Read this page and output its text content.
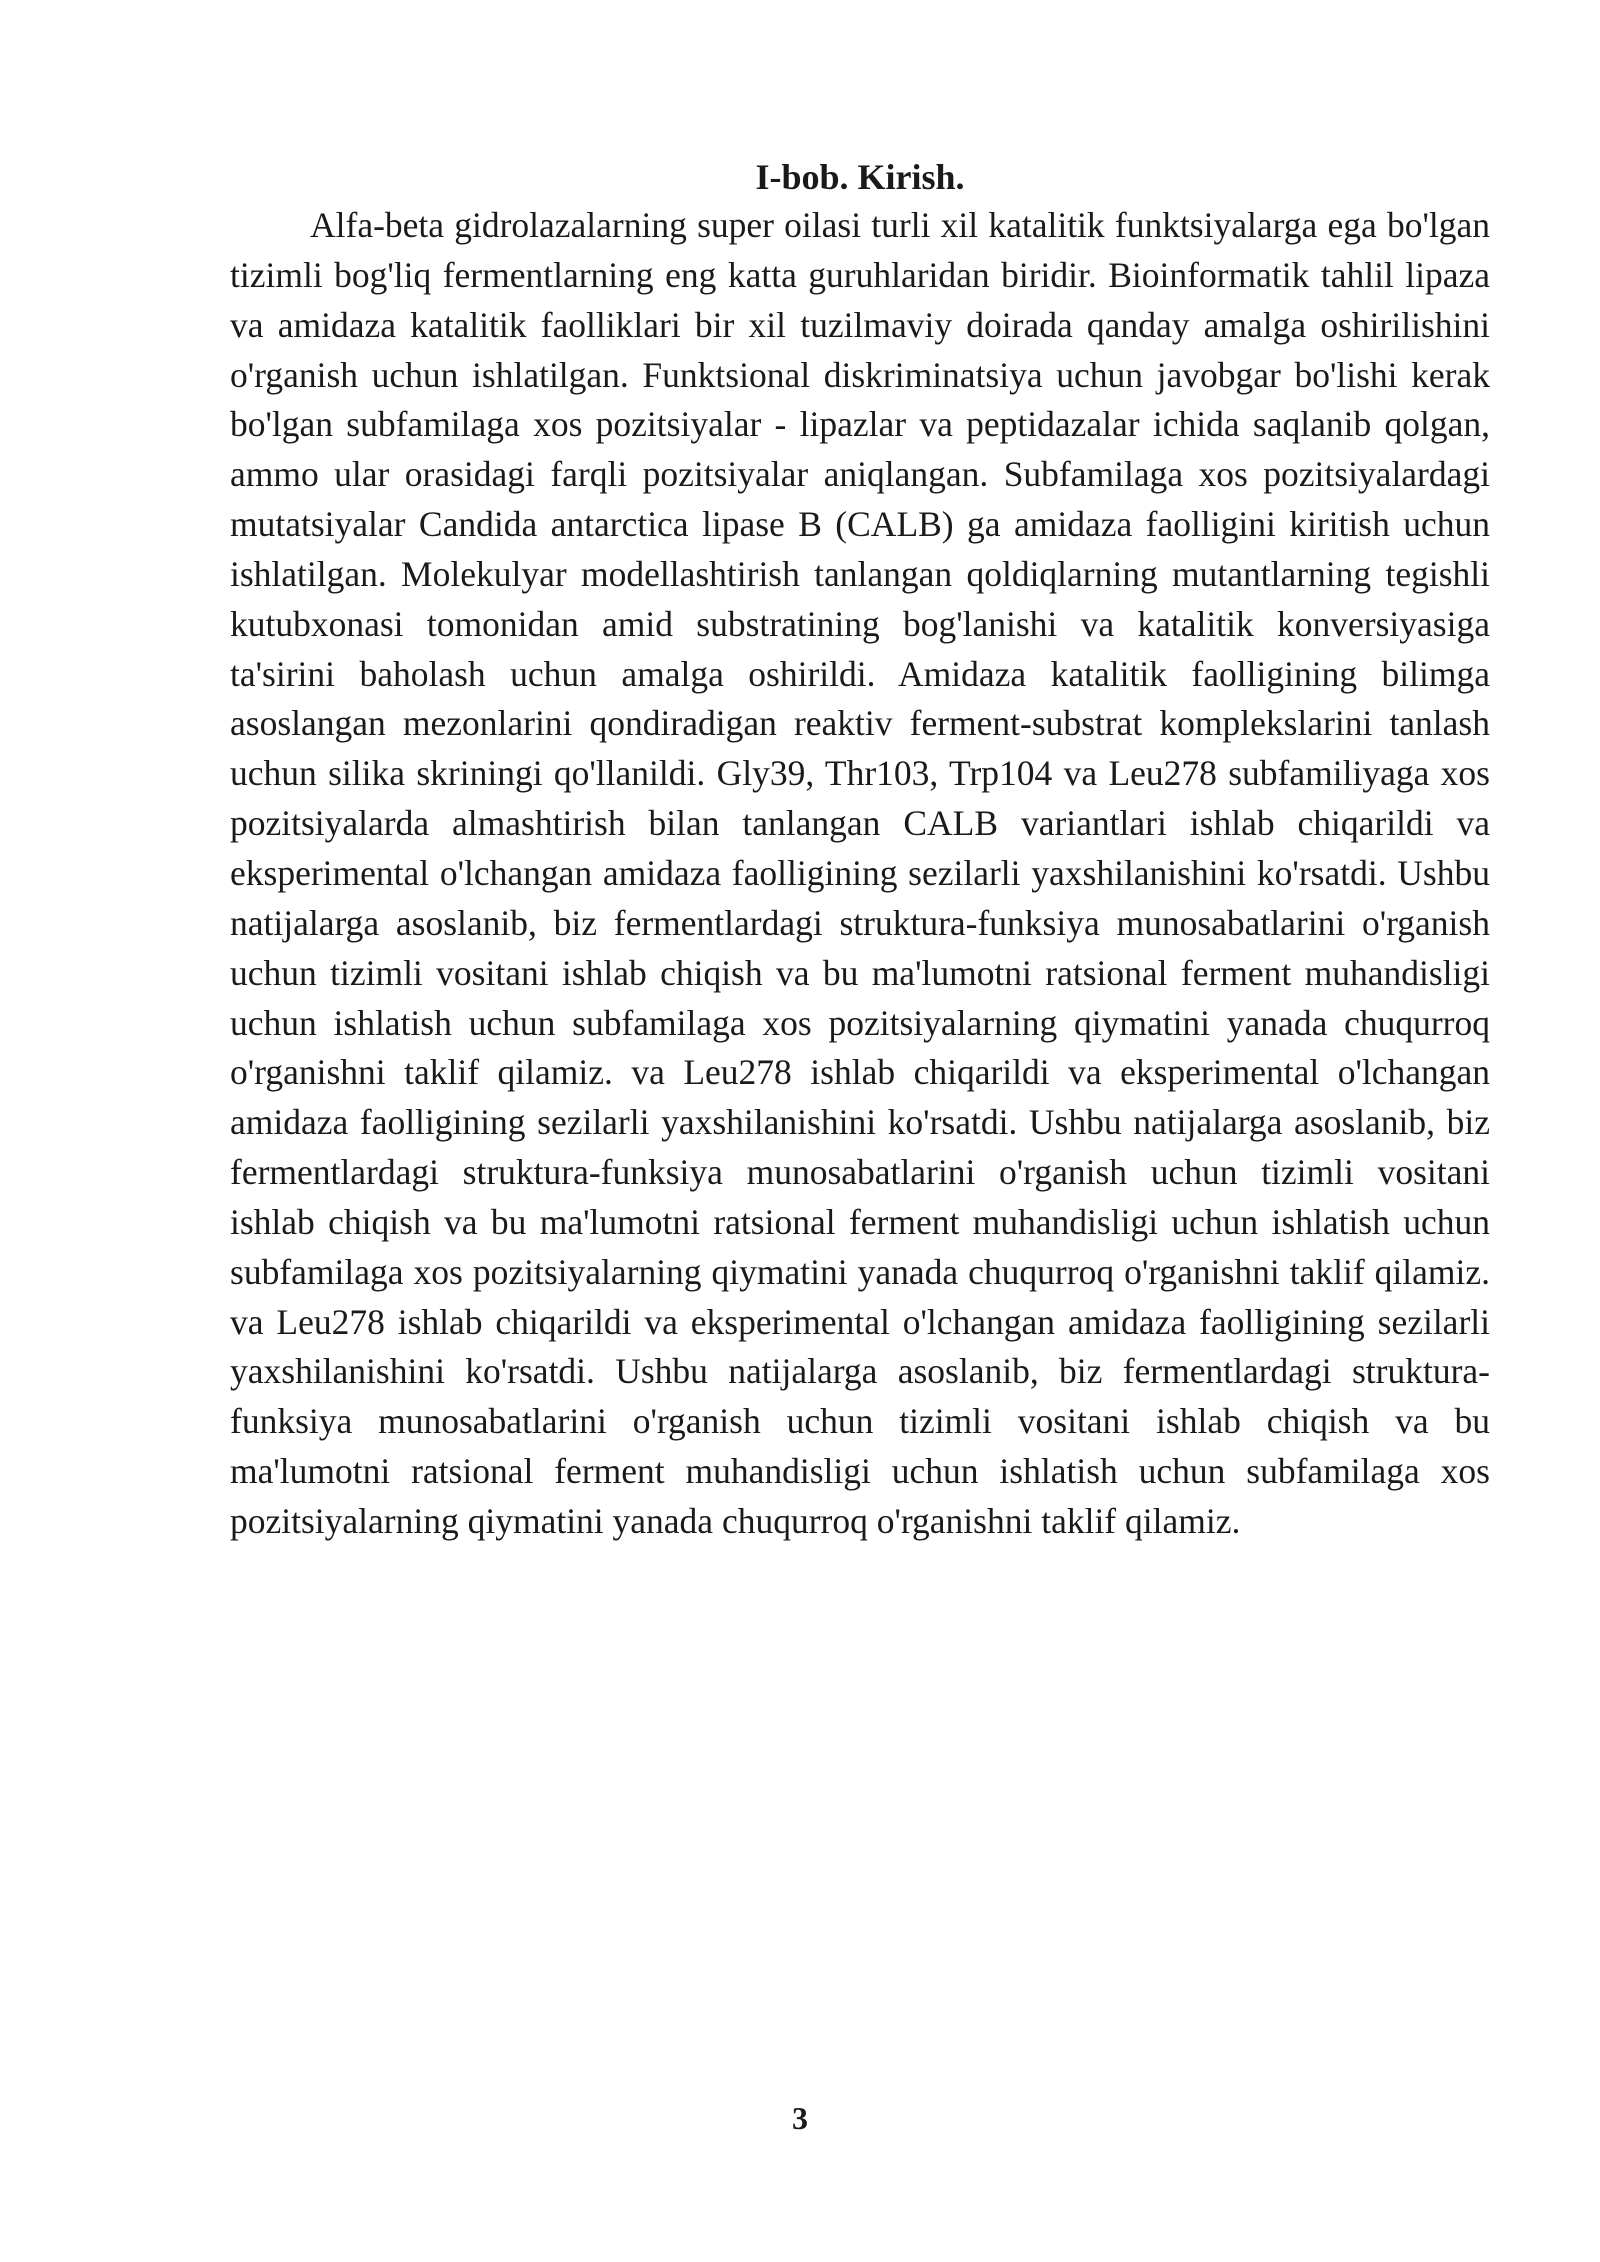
I-bob. Kirish.

Alfa-beta gidrolazalarning super oilasi turli xil katalitik funktsiyalarga ega bo'lgan tizimli bog'liq fermentlarning eng katta guruhlaridan biridir. Bioinformatik tahlil lipaza va amidaza katalitik faolliklari bir xil tuzilmaviy doirada qanday amalga oshirilishini o'rganish uchun ishlatilgan. Funktsional diskriminatsiya uchun javobgar bo'lishi kerak bo'lgan subfamilaga xos pozitsiyalar - lipazlar va peptidazalar ichida saqlanib qolgan, ammo ular orasidagi farqli pozitsiyalar aniqlangan. Subfamilaga xos pozitsiyalardagi mutatsiyalar Candida antarctica lipase B (CALB) ga amidaza faolligini kiritish uchun ishlatilgan. Molekulyar modellashtirish tanlangan qoldiqlarning mutantlarning tegishli kutubxonasi tomonidan amid substratining bog'lanishi va katalitik konversiyasiga ta'sirini baholash uchun amalga oshirildi. Amidaza katalitik faolligining bilimga asoslangan mezonlarini qondiradigan reaktiv ferment-substrat komplekslarini tanlash uchun silika skriningi qo'llanildi. Gly39, Thr103, Trp104 va Leu278 subfamiliyaga xos pozitsiyalarda almashtirish bilan tanlangan CALB variantlari ishlab chiqarildi va eksperimental o'lchangan amidaza faolligining sezilarli yaxshilanishini ko'rsatdi. Ushbu natijalarga asoslanib, biz fermentlardagi struktura-funksiya munosabatlarini o'rganish uchun tizimli vositani ishlab chiqish va bu ma'lumotni ratsional ferment muhandisligi uchun ishlatish uchun subfamilaga xos pozitsiyalarning qiymatini yanada chuqurroq o'rganishni taklif qilamiz. va Leu278 ishlab chiqarildi va eksperimental o'lchangan amidaza faolligining sezilarli yaxshilanishini ko'rsatdi. Ushbu natijalarga asoslanib, biz fermentlardagi struktura-funksiya munosabatlarini o'rganish uchun tizimli vositani ishlab chiqish va bu ma'lumotni ratsional ferment muhandisligi uchun ishlatish uchun subfamilaga xos pozitsiyalarning qiymatini yanada chuqurroq o'rganishni taklif qilamiz. va Leu278 ishlab chiqarildi va eksperimental o'lchangan amidaza faolligining sezilarli yaxshilanishini ko'rsatdi. Ushbu natijalarga asoslanib, biz fermentlardagi struktura-funksiya munosabatlarini o'rganish uchun tizimli vositani ishlab chiqish va bu ma'lumotni ratsional ferment muhandisligi uchun ishlatish uchun subfamilaga xos pozitsiyalarning qiymatini yanada chuqurroq o'rganishni taklif qilamiz.

3
